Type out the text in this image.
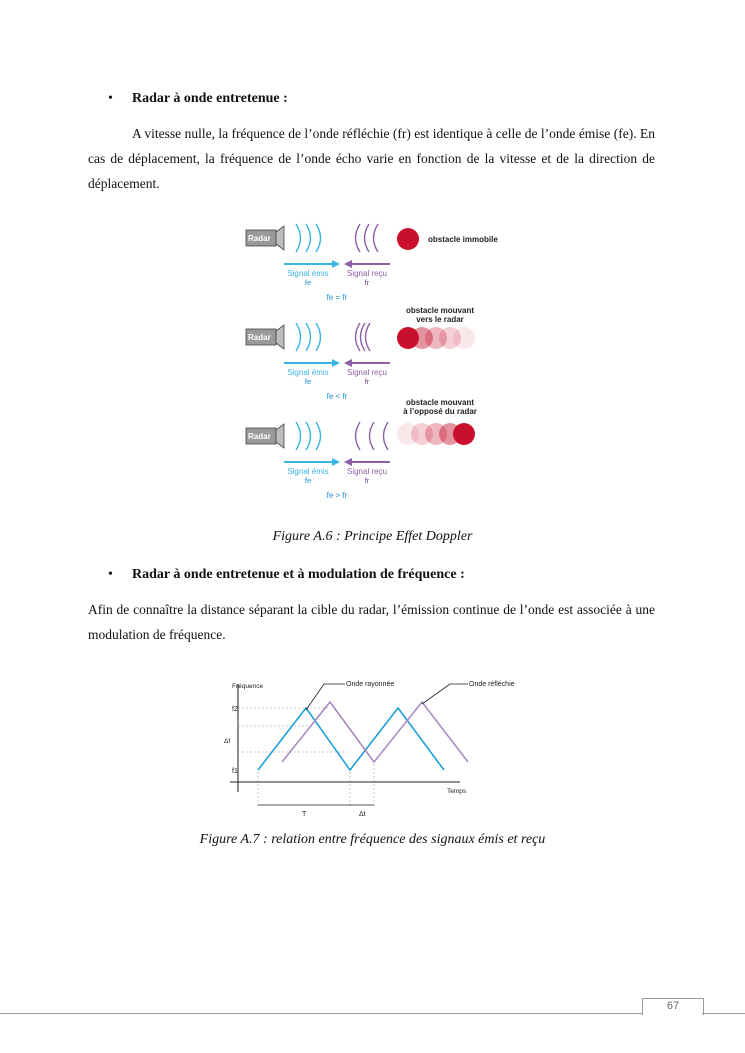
• Radar à onde entretenue :
A vitesse nulle, la fréquence de l’onde réfléchie (fr) est identique à celle de l’onde émise (fe). En cas de déplacement, la fréquence de l’onde écho varie en fonction de la vitesse et de la direction de déplacement.
Radar	obstacle immobile
Signal émis
fe
Signal reçu
fr
fe = fr
Radar
obstacle mouvant
vers le radar
Signal émis
fe
Signal reçu
fr
fe < fr
Radar
obstacle mouvant
à l’opposé du radar
Signal émis
fe
Signal reçu
fr
fe > fr
Figure A.6 : Principe Effet Doppler
• Radar à onde entretenue et à modulation de fréquence :
Afin de connaître la distance séparant la cible du radar, l’émission continue de l’onde est associée à une modulation de fréquence.
Fréquence
Temps
f2
Δf
f1
Onde rayonnée	Onde réfléchie
T	Δt
Figure A.7 : relation entre fréquence des signaux émis et reçu
67
